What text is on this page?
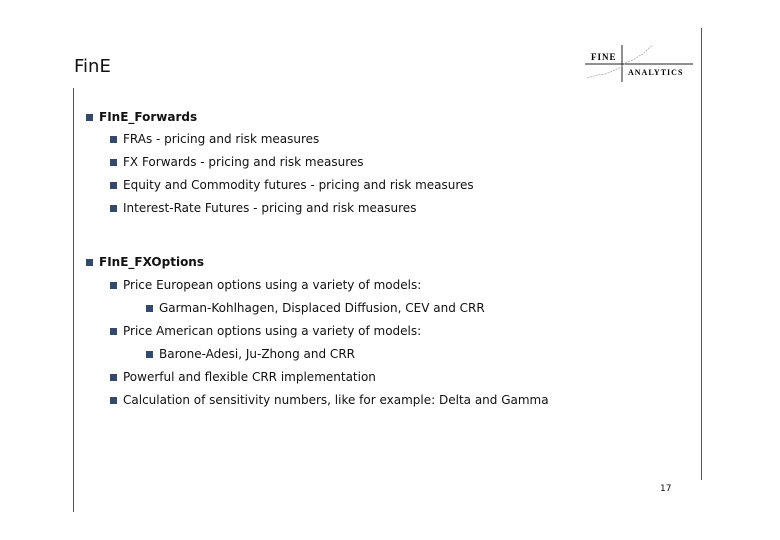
FinE	FINE
ANALYTICS
FInE_Forwards
FRAs - pricing and risk measures
FX Forwards - pricing and risk measures
Equity and Commodity futures - pricing and risk measures
Interest-Rate Futures - pricing and risk measures
FInE_FXOptions
Price European options using a variety of models:
Garman-Kohlhagen, Displaced Diffusion, CEV and CRR
Price American options using a variety of models:
Barone-Adesi, Ju-Zhong and CRR
Powerful and flexible CRR implementation
Calculation of sensitivity numbers, like for example: Delta and Gamma
17
